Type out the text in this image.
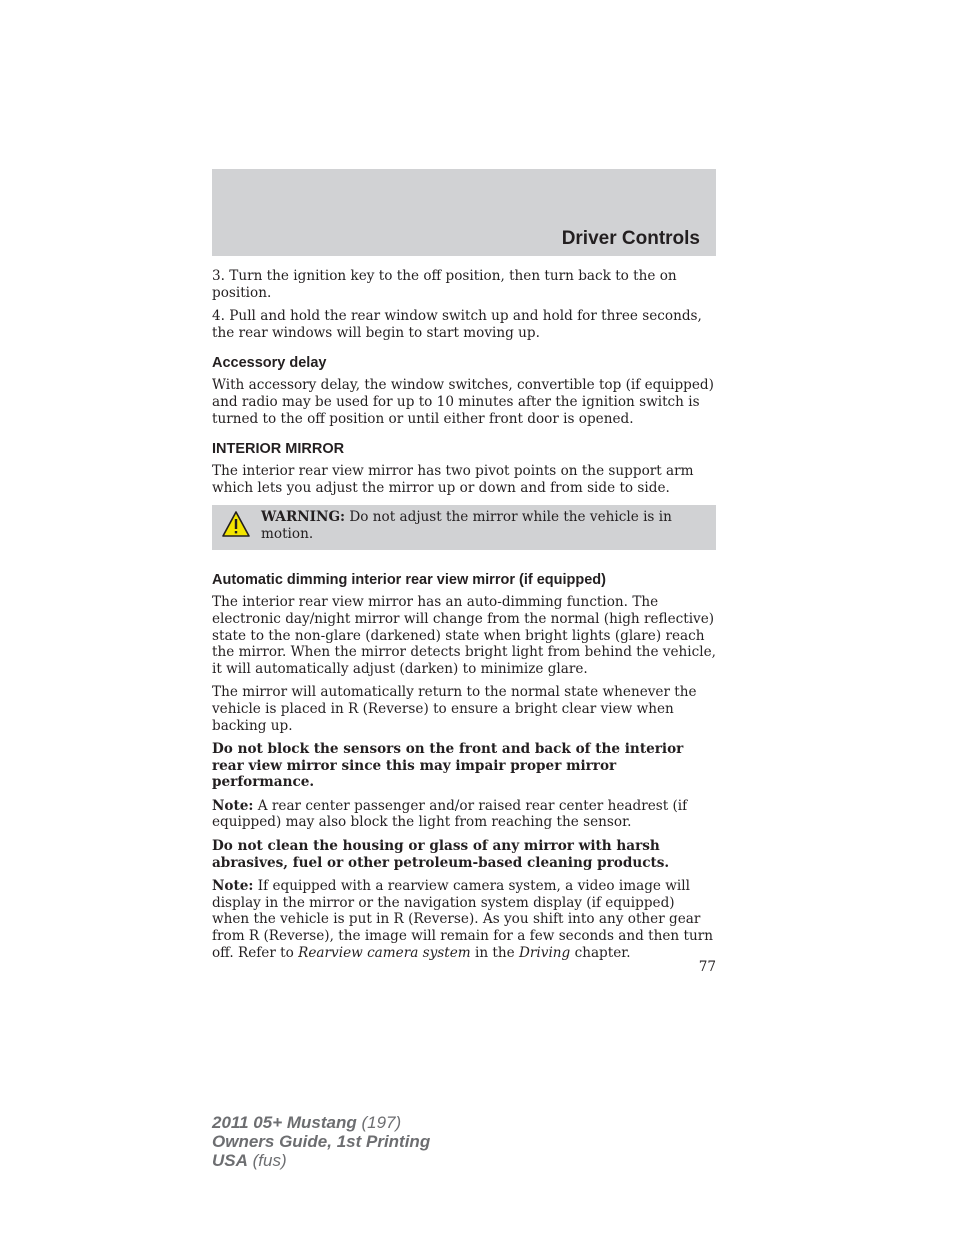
Driver Controls

3. Turn the ignition key to the off position, then turn back to the on position.

4. Pull and hold the rear window switch up and hold for three seconds, the rear windows will begin to start moving up.

Accessory delay

With accessory delay, the window switches, convertible top (if equipped) and radio may be used for up to 10 minutes after the ignition switch is turned to the off position or until either front door is opened.

INTERIOR MIRROR

The interior rear view mirror has two pivot points on the support arm which lets you adjust the mirror up or down and from side to side.

WARNING: Do not adjust the mirror while the vehicle is in motion.
Automatic dimming interior rear view mirror (if equipped)

The interior rear view mirror has an auto-dimming function. The electronic day/night mirror will change from the normal (high reflective) state to the non-glare (darkened) state when bright lights (glare) reach the mirror. When the mirror detects bright light from behind the vehicle, it will automatically adjust (darken) to minimize glare.

The mirror will automatically return to the normal state whenever the vehicle is placed in R (Reverse) to ensure a bright clear view when backing up.

Do not block the sensors on the front and back of the interior rear view mirror since this may impair proper mirror performance.

Note: A rear center passenger and/or raised rear center headrest (if equipped) may also block the light from reaching the sensor.

Do not clean the housing or glass of any mirror with harsh abrasives, fuel or other petroleum-based cleaning products.

Note: If equipped with a rearview camera system, a video image will display in the mirror or the navigation system display (if equipped) when the vehicle is put in R (Reverse). As you shift into any other gear from R (Reverse), the image will remain for a few seconds and then turn off. Refer to Rearview camera system in the Driving chapter.

77
2011 05+ Mustang (197)
Owners Guide, 1st Printing
USA (fus)
